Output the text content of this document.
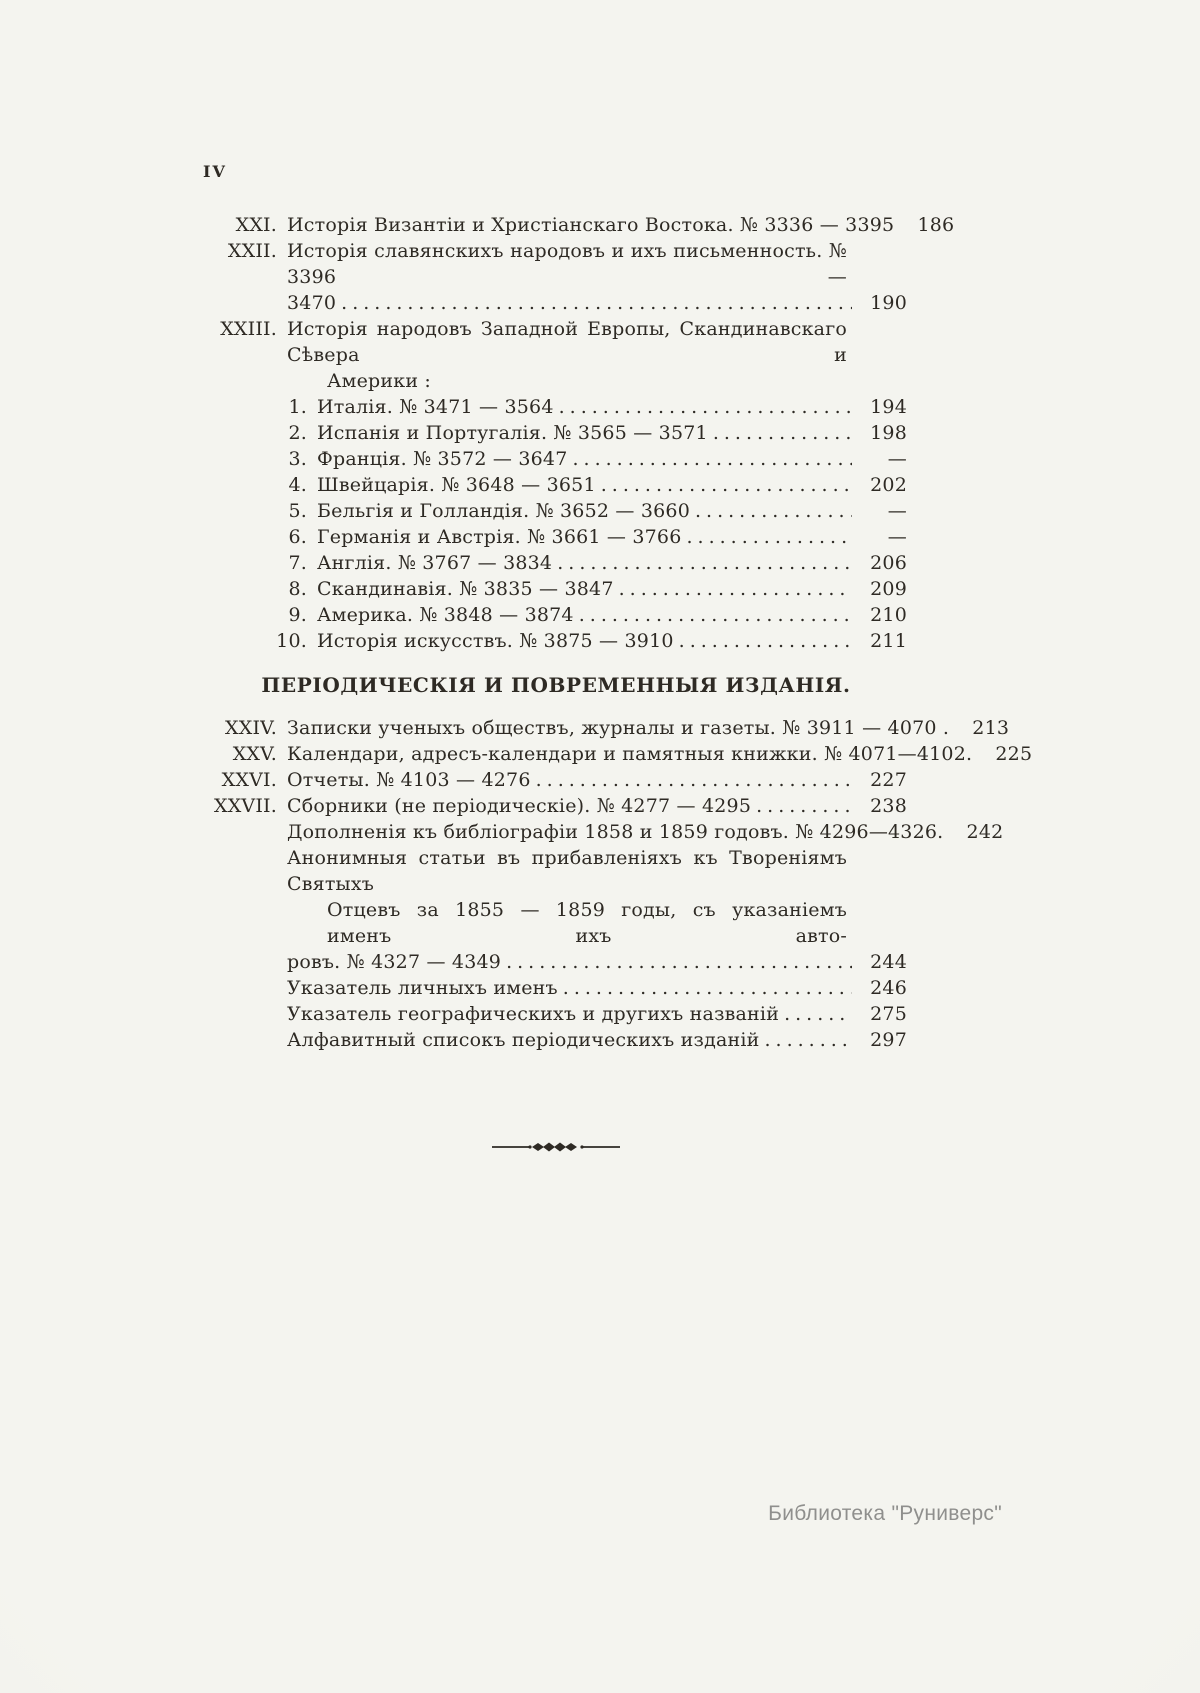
IV
XXI. Исторія Византіи и Христіанскаго Востока. № 3336 — 3395	186
XXII. Исторія славянскихъ народовъ и ихъ письменность. № 3396 —
3470 .....	190
XXIII. Исторія народовъ Западной Европы, Скандинавскаго Сѣвера и
Америки :
1. Италія. № 3471 — 3564 .....	194
2. Испанія и Португалія. № 3565 — 3571 .....	198
3. Франція. № 3572 — 3647 .....	—
4. Швейцарія. № 3648 — 3651 .....	202
5. Бельгія и Голландія. № 3652 — 3660 .....	—
6. Германія и Австрія. № 3661 — 3766 .....	—
7. Англія. № 3767 — 3834 .....	206
8. Скандинавія. № 3835 — 3847 .....	209
9. Америка. № 3848 — 3874 .....	210
10. Исторія искусствъ. № 3875 — 3910 .....	211
ПЕРІОДИЧЕСКІЯ И ПОВРЕМЕННЫЯ ИЗДАНІЯ.
XXIV. Записки ученыхъ обществъ, журналы и газеты. № 3911 — 4070 .	213
XXV. Календари, адресъ-календари и памятныя книжки. № 4071—4102.	225
XXVI. Отчеты. № 4103 — 4276 .....	227
XXVII. Сборники (не періодическіе). № 4277 — 4295 .....	238
Дополненія къ библіографіи 1858 и 1859 годовъ. № 4296—4326.	242
Анонимныя статьи въ прибавленіяхъ къ Твореніямъ Святыхъ
Отцевъ за 1855 — 1859 годы, съ указаніемъ именъ ихъ авто-
ровъ. № 4327 — 4349 .....	244
Указатель личныхъ именъ .....	246
Указатель географическихъ и другихъ названій .....	275
Алфавитный списокъ періодическихъ изданій .....	297
Библиотека "Руниверс"
